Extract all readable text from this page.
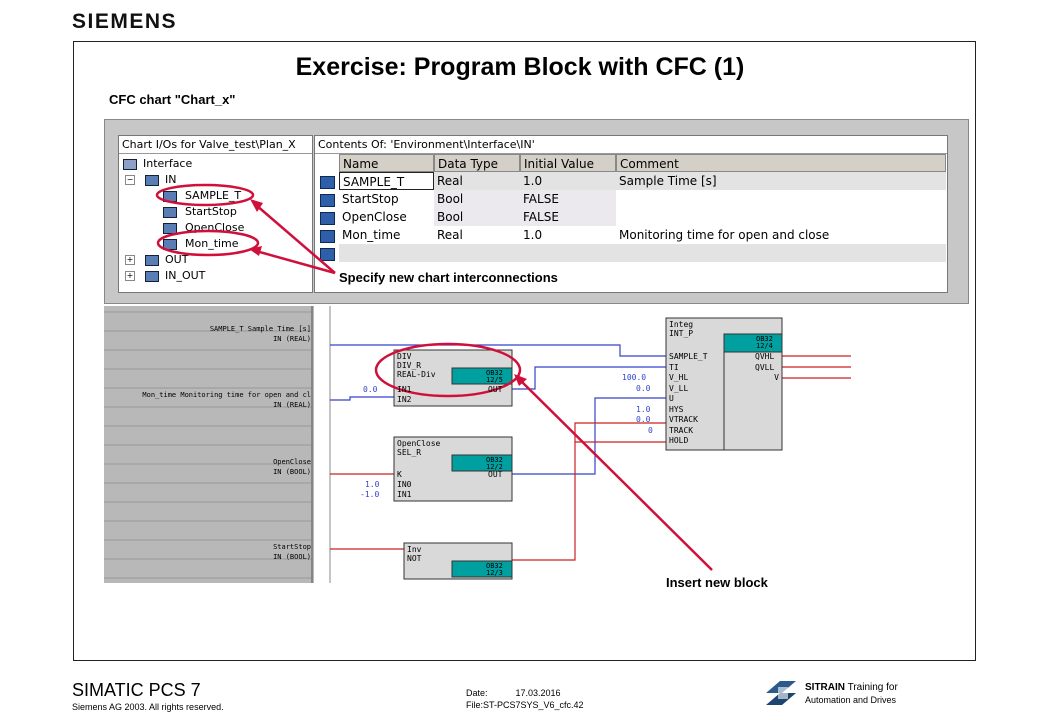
SIEMENS
Exercise: Program Block with CFC (1)
CFC chart "Chart_x"
Chart I/Os for Valve_test\Plan_X
Interface
−	IN
SAMPLE_T
StartStop
OpenClose
Mon_time
+	OUT
+	IN_OUT
Contents Of: 'Environment\Interface\IN'
Name	Data Type	Initial Value	Comment
SAMPLE_T	Real	1.0	Sample Time [s]
StartStop	Bool	FALSE
OpenClose	Bool	FALSE
Mon_time	Real	1.0	Monitoring time for open and close
SAMPLE_T Sample Time [s]
IN (REAL)
Mon_time Monitoring time for open and cl
IN (REAL)
OpenClose
IN (BOOL)
StartStop
IN (BOOL)
DIV
DIV_R
REAL-Div	OB32
12/5
IN1
IN2
OUT
0.0
OpenClose
SEL_R
OB32
12/2
K
IN0
IN1
OUT
1.0
-1.0
Inv
NOT
OB32
12/3
Integ
INT_P
OB32
12/4
SAMPLE_T
TI
V_HL
V_LL
U
HYS
VTRACK
TRACK
HOLD
QVHL
QVLL
V
100.0
0.0
1.0
0.0
0
Specify new chart interconnections
Insert new block
SIMATIC PCS 7
Siemens AG 2003. All rights reserved.
Date:	17.03.2016
File:ST-PCS7SYS_V6_cfc.42
SITRAIN Training for
Automation and Drives
